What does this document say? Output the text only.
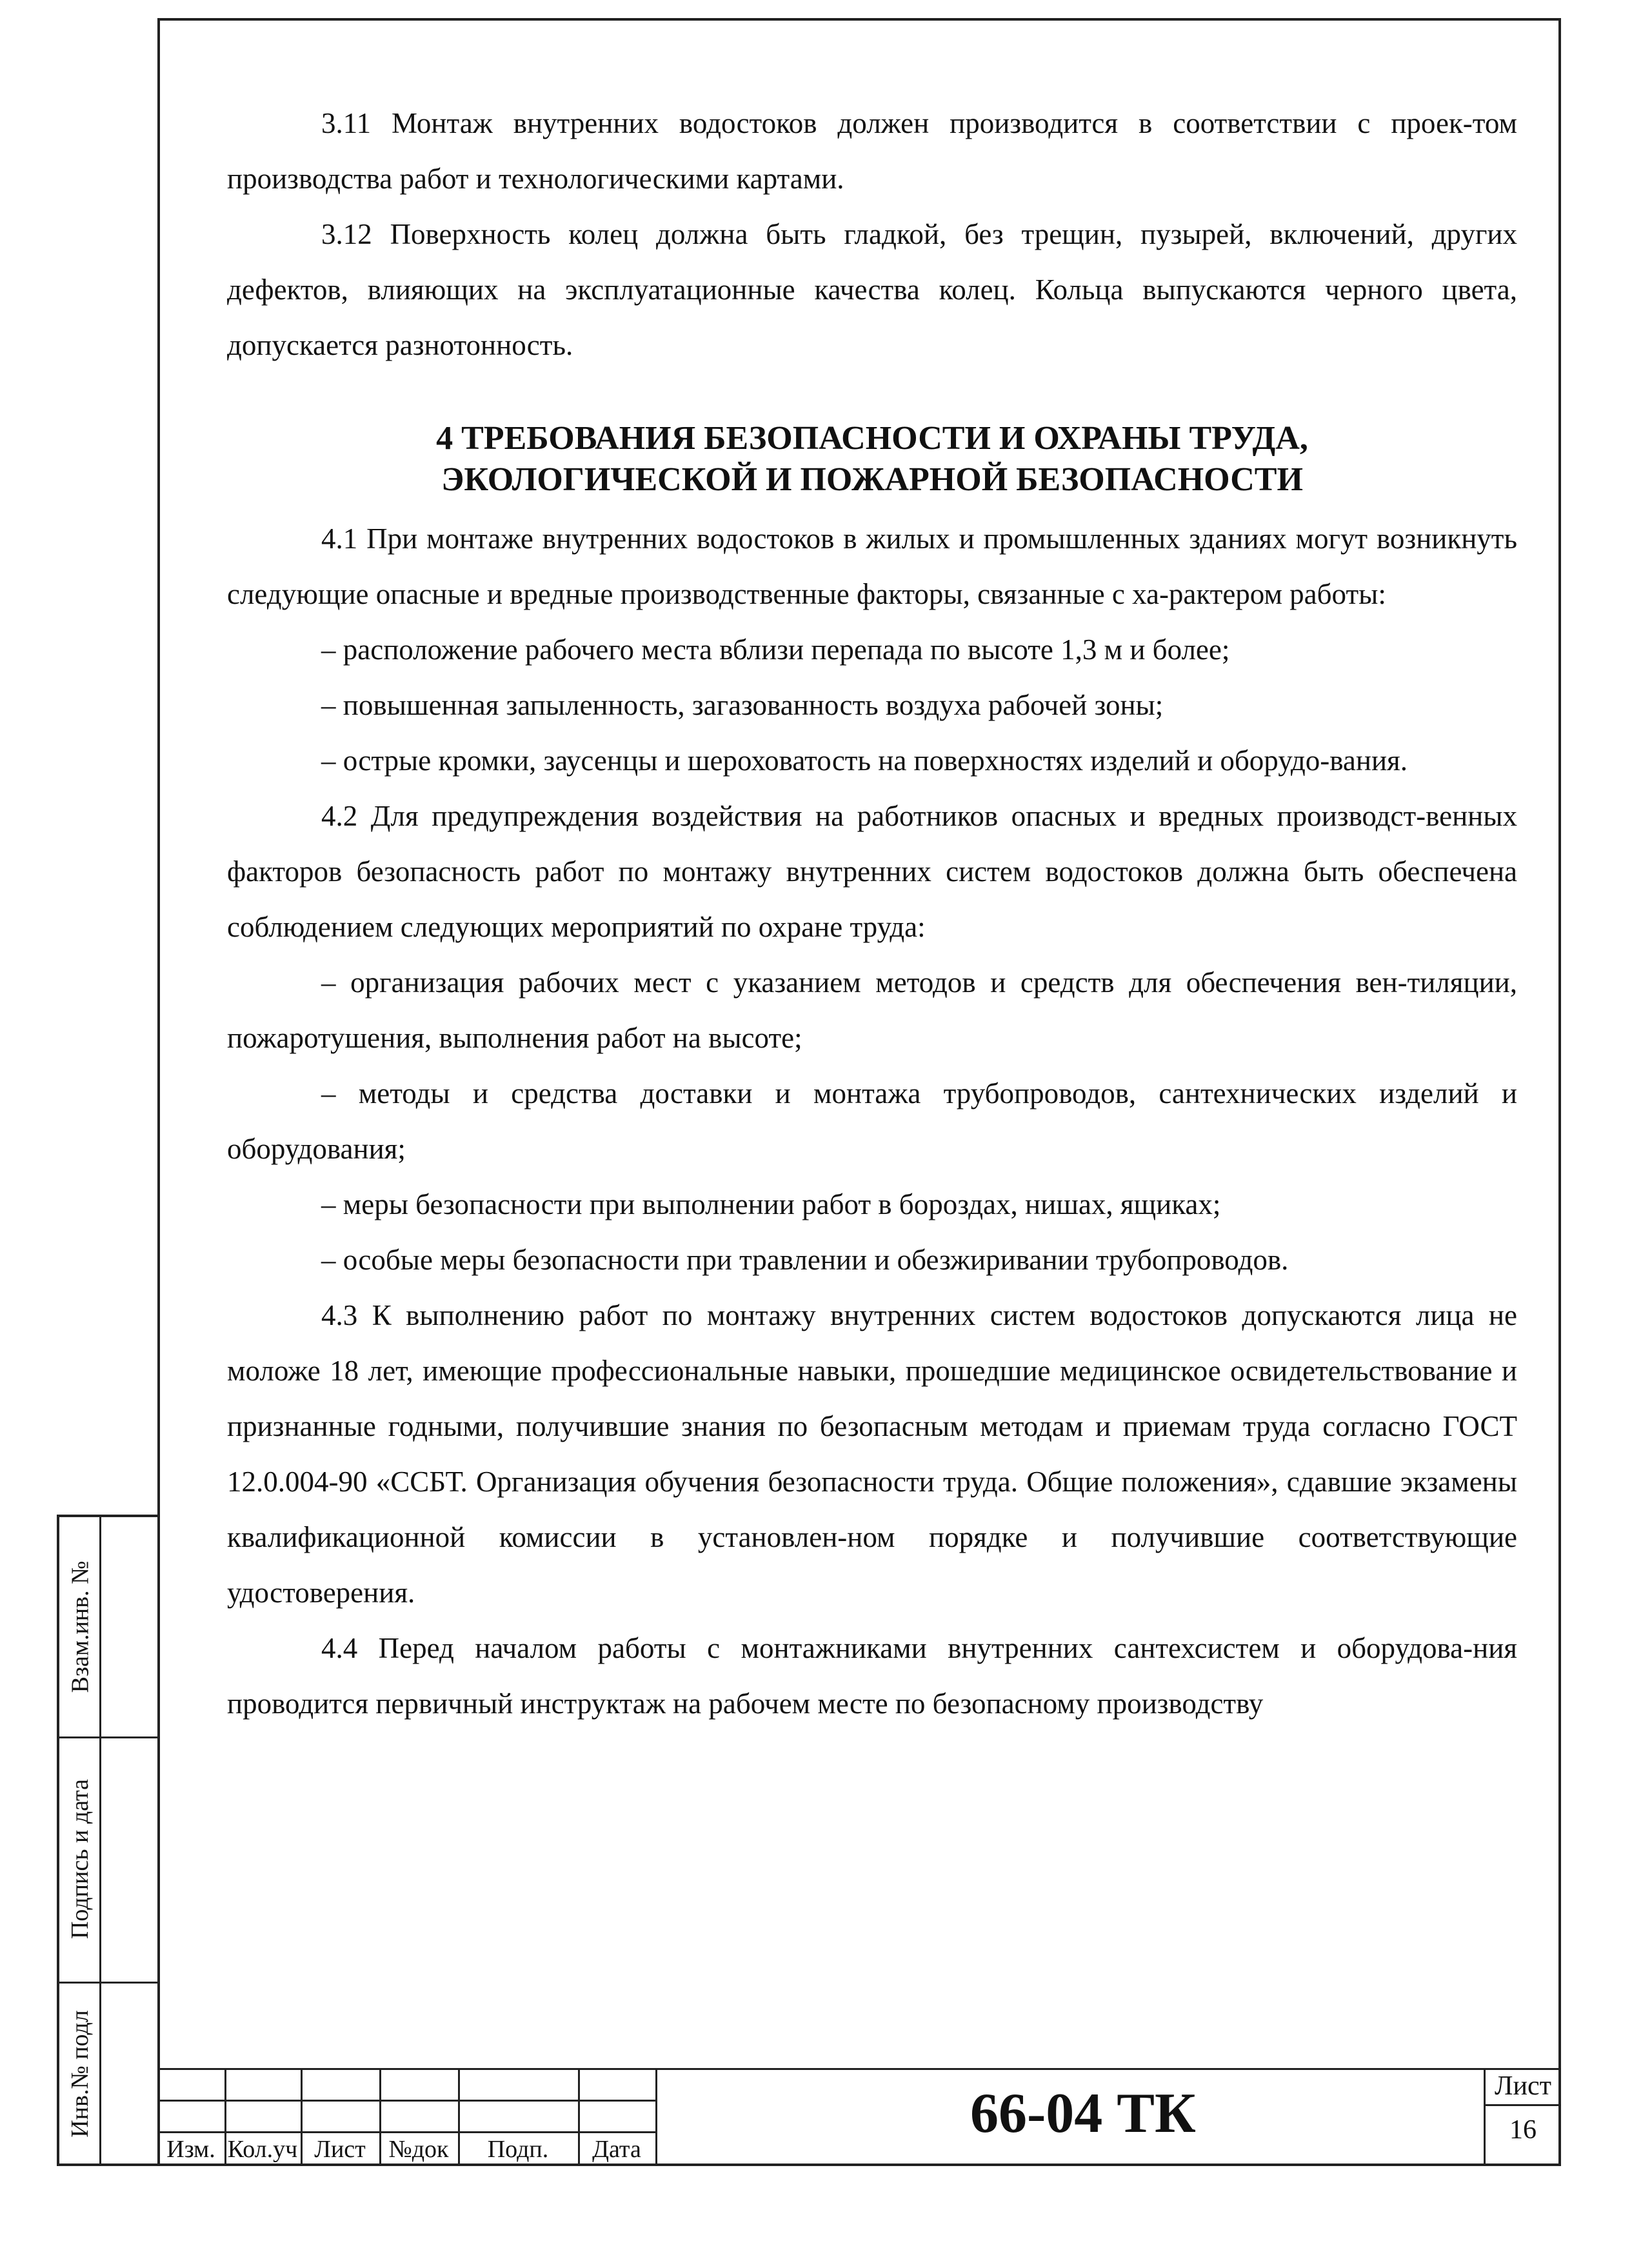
Взам.инв. №
Подпись и дата
Инв.№ подл

3.11 Монтаж внутренних водостоков должен производится в соответствии с проек-том производства работ и технологическими картами.

3.12 Поверхность колец должна быть гладкой, без трещин, пузырей, включений, других дефектов, влияющих на эксплуатационные качества колец. Кольца выпускаются черного цвета, допускается разнотонность.

4 ТРЕБОВАНИЯ БЕЗОПАСНОСТИ И ОХРАНЫ ТРУДА,

ЭКОЛОГИЧЕСКОЙ И ПОЖАРНОЙ БЕЗОПАСНОСТИ

4.1 При монтаже внутренних водостоков в жилых и промышленных зданиях могут возникнуть следующие опасные и вредные производственные факторы, связанные с ха-рактером работы:

– расположение рабочего места вблизи перепада по высоте 1,3 м и более;

– повышенная запыленность, загазованность воздуха рабочей зоны;

– острые кромки, заусенцы и шероховатость на поверхностях изделий и оборудо-вания.

4.2 Для предупреждения воздействия на работников опасных и вредных производст-венных факторов безопасность работ по монтажу внутренних систем водостоков должна быть обеспечена соблюдением следующих мероприятий по охране труда:

– организация рабочих мест с указанием методов и средств для обеспечения вен-тиляции, пожаротушения, выполнения работ на высоте;

– методы и средства доставки и монтажа трубопроводов, сантехнических изделий и оборудования;

– меры безопасности при выполнении работ в бороздах, нишах, ящиках;

– особые меры безопасности при травлении и обезжиривании трубопроводов.

4.3 К выполнению работ по монтажу внутренних систем водостоков допускаются лица не моложе 18 лет, имеющие профессиональные навыки, прошедшие медицинское освидетельствование и признанные годными, получившие знания по безопасным методам и приемам труда согласно ГОСТ 12.0.004-90 «ССБТ. Организация обучения безопасности труда. Общие положения», сдавшие экзамены квалификационной комиссии в установлен-ном порядке и получившие соответствующие удостоверения.

4.4 Перед началом работы с монтажниками внутренних сантехсистем и оборудова-ния проводится первичный инструктаж на рабочем месте по безопасному производству

Изм. Кол.уч Лист №док	Подп.	Дата
66-04 ТК	Лист
16
